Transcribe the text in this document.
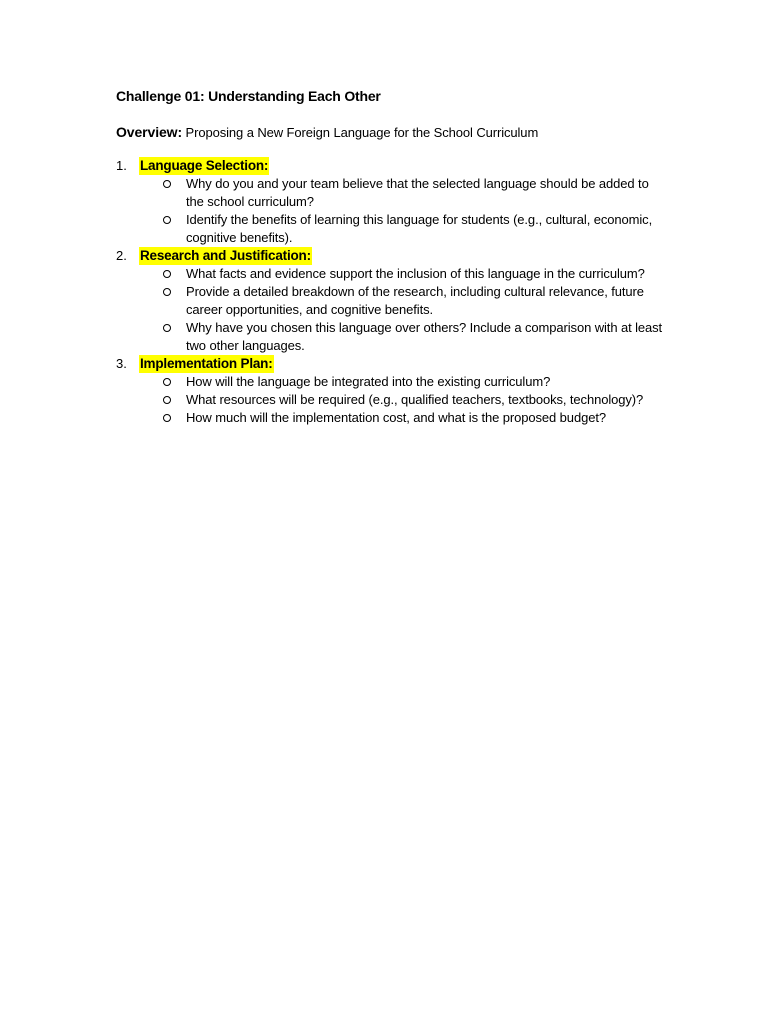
Challenge 01: Understanding Each Other

Overview: Proposing a New Foreign Language for the School Curriculum
1. Language Selection:
Why do you and your team believe that the selected language should be added to the school curriculum?
Identify the benefits of learning this language for students (e.g., cultural, economic, cognitive benefits).
2. Research and Justification:
What facts and evidence support the inclusion of this language in the curriculum?
Provide a detailed breakdown of the research, including cultural relevance, future career opportunities, and cognitive benefits.
Why have you chosen this language over others? Include a comparison with at least two other languages.
3. Implementation Plan:
How will the language be integrated into the existing curriculum?
What resources will be required (e.g., qualified teachers, textbooks, technology)?
How much will the implementation cost, and what is the proposed budget?
